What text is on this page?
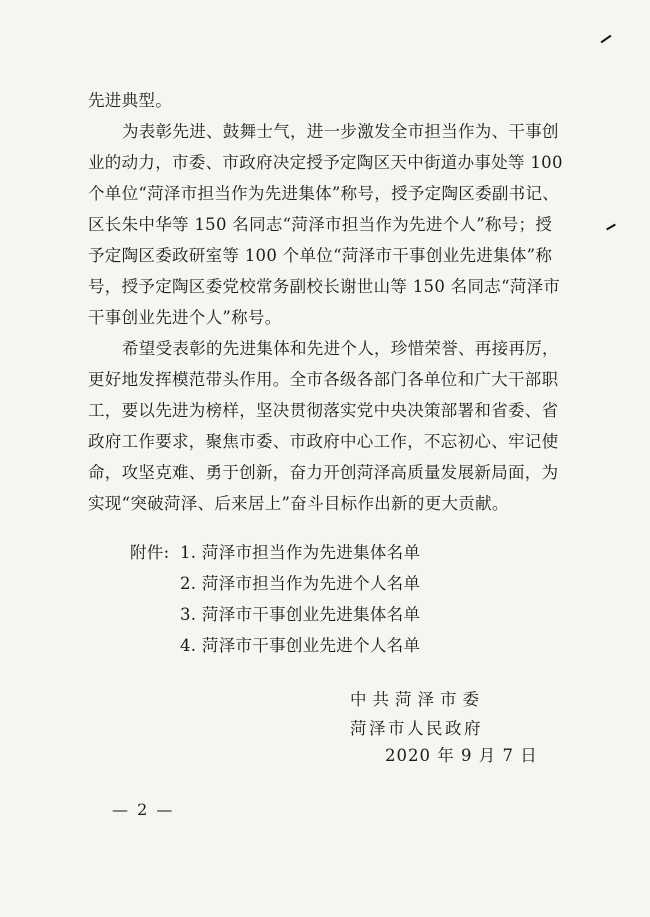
先进典型。
为表彰先进、鼓舞士气，进一步激发全市担当作为、干事创
业的动力，市委、市政府决定授予定陶区天中街道办事处等 100
个单位“菏泽市担当作为先进集体”称号，授予定陶区委副书记、
区长朱中华等 150 名同志“菏泽市担当作为先进个人”称号；授
予定陶区委政研室等 100 个单位“菏泽市干事创业先进集体”称
号，授予定陶区委党校常务副校长谢世山等 150 名同志“菏泽市
干事创业先进个人”称号。
希望受表彰的先进集体和先进个人，珍惜荣誉、再接再厉，
更好地发挥模范带头作用。全市各级各部门各单位和广大干部职
工，要以先进为榜样，坚决贯彻落实党中央决策部署和省委、省
政府工作要求，聚焦市委、市政府中心工作，不忘初心、牢记使
命，攻坚克难、勇于创新，奋力开创菏泽高质量发展新局面，为
实现“突破菏泽、后来居上”奋斗目标作出新的更大贡献。
附件: 1. 菏泽市担当作为先进集体名单
2. 菏泽市担当作为先进个人名单
3. 菏泽市干事创业先进集体名单
4. 菏泽市干事创业先进个人名单
中共菏泽市委
菏泽市人民政府
2020 年 9 月 7 日
— 2 —
